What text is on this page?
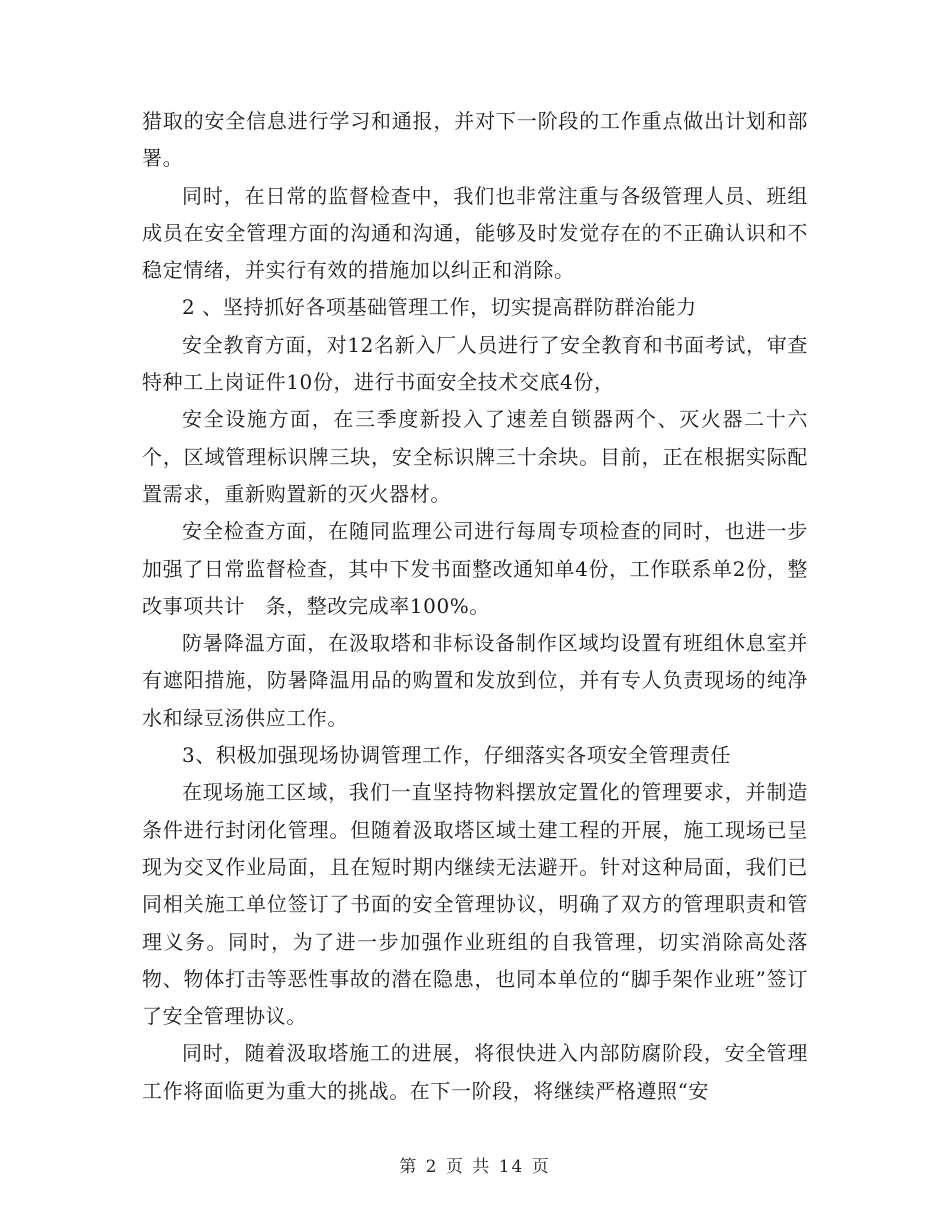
猎取的安全信息进行学习和通报，并对下一阶段的工作重点做出计划和部署。

同时，在日常的监督检查中，我们也非常注重与各级管理人员、班组成员在安全管理方面的沟通和沟通，能够及时发觉存在的不正确认识和不稳定情绪，并实行有效的措施加以纠正和消除。

2 、坚持抓好各项基础管理工作，切实提高群防群治能力

安全教育方面，对12名新入厂人员进行了安全教育和书面考试，审查特种工上岗证件10份，进行书面安全技术交底4份，

安全设施方面，在三季度新投入了速差自锁器两个、灭火器二十六个，区域管理标识牌三块，安全标识牌三十余块。目前，正在根据实际配置需求，重新购置新的灭火器材。

安全检查方面，在随同监理公司进行每周专项检查的同时，也进一步加强了日常监督检查，其中下发书面整改通知单4份，工作联系单2份，整改事项共计　条，整改完成率100%。

防暑降温方面，在汲取塔和非标设备制作区域均设置有班组休息室并有遮阳措施，防暑降温用品的购置和发放到位，并有专人负责现场的纯净水和绿豆汤供应工作。

3、积极加强现场协调管理工作，仔细落实各项安全管理责任

在现场施工区域，我们一直坚持物料摆放定置化的管理要求，并制造条件进行封闭化管理。但随着汲取塔区域土建工程的开展，施工现场已呈现为交叉作业局面，且在短时期内继续无法避开。针对这种局面，我们已同相关施工单位签订了书面的安全管理协议，明确了双方的管理职责和管理义务。同时，为了进一步加强作业班组的自我管理，切实消除高处落物、物体打击等恶性事故的潜在隐患，也同本单位的“脚手架作业班”签订了安全管理协议。

同时，随着汲取塔施工的进展，将很快进入内部防腐阶段，安全管理工作将面临更为重大的挑战。在下一阶段，将继续严格遵照“安

第 2 页 共 14 页
